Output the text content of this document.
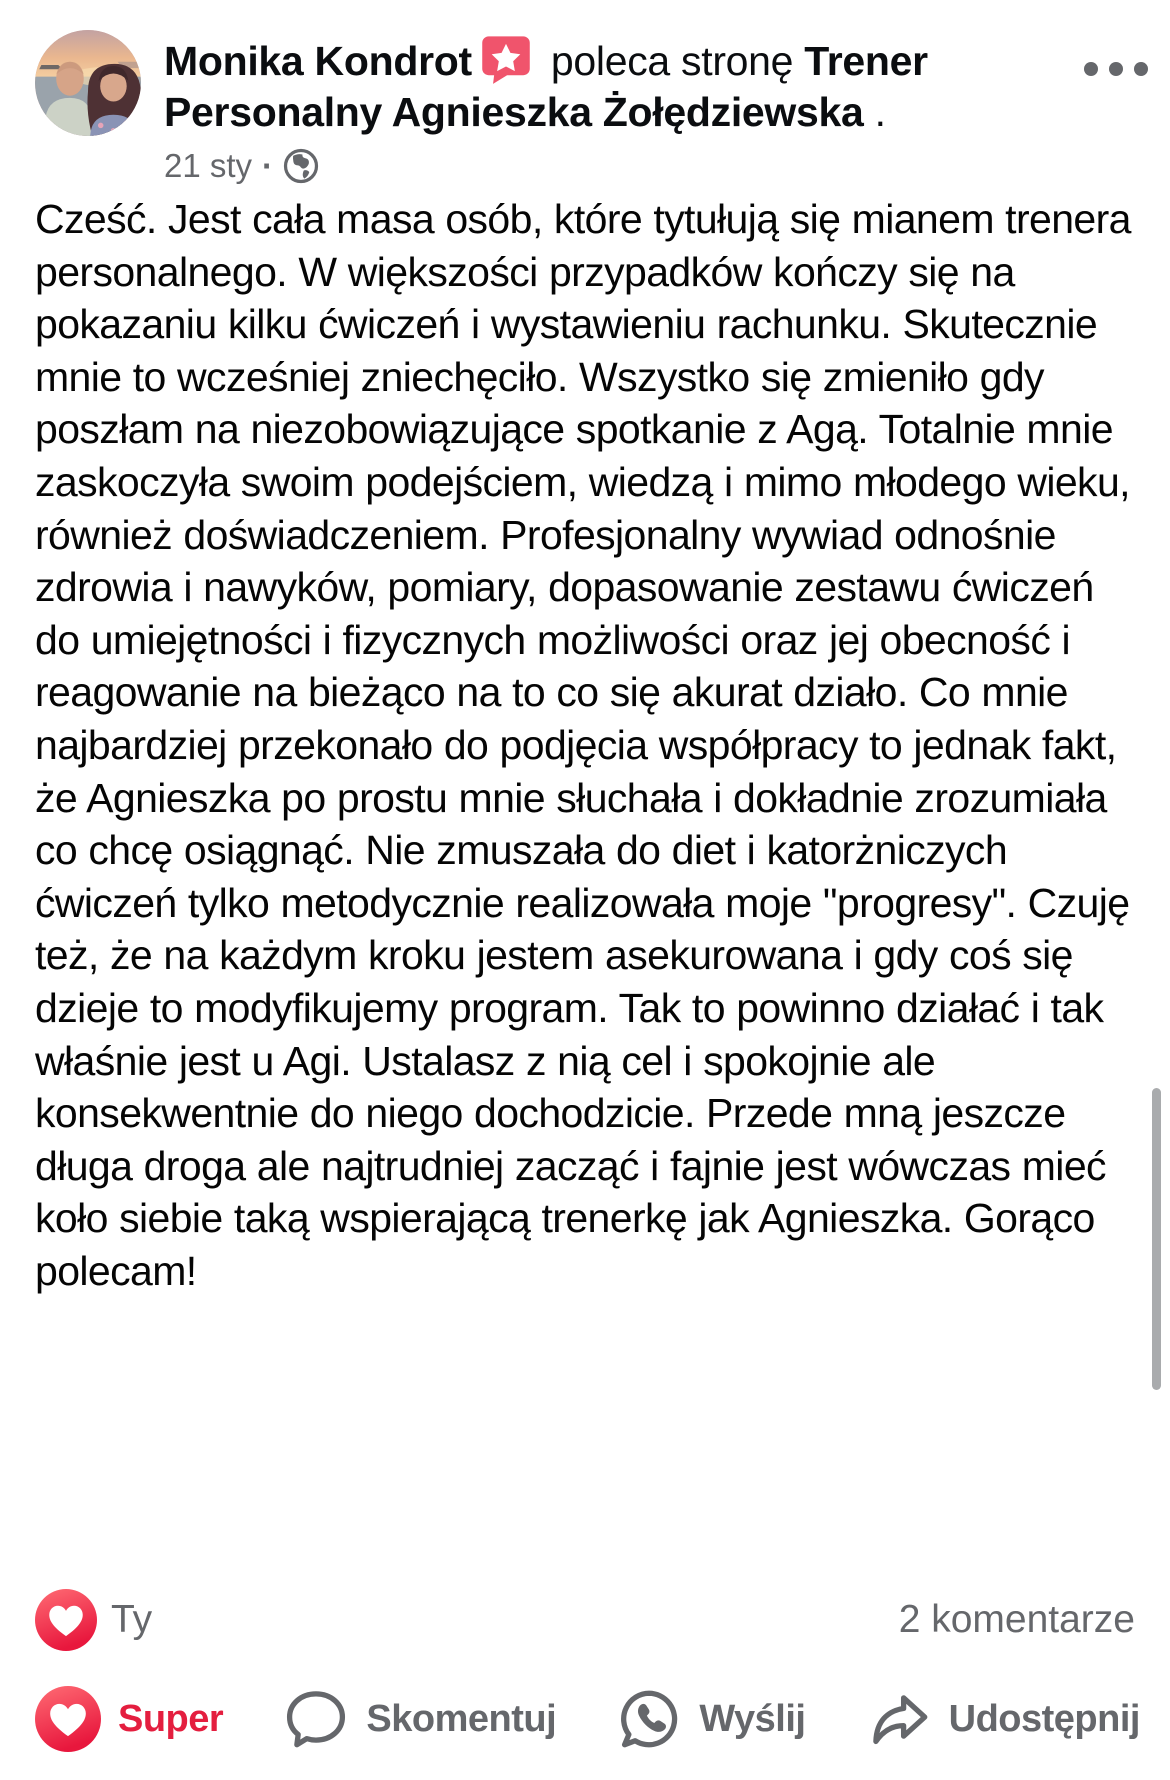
Monika Kondrot
poleca stronę Trener Personalny Agnieszka Żołędziewska .
21 sty ·
Cześć. Jest cała masa osób, które tytułują się mianem trenera personalnego. W większości przypadków kończy się na pokazaniu kilku ćwiczeń i wystawieniu rachunku. Skutecznie mnie to wcześniej zniechęciło. Wszystko się zmieniło gdy poszłam na niezobowiązujące spotkanie z Agą. Totalnie mnie zaskoczyła swoim podejściem, wiedzą i mimo młodego wieku, również doświadczeniem. Profesjonalny wywiad odnośnie zdrowia i nawyków, pomiary, dopasowanie zestawu ćwiczeń do umiejętności i fizycznych możliwości oraz jej obecność i reagowanie na bieżąco na to co się akurat działo. Co mnie najbardziej przekonało do podjęcia współpracy to jednak fakt, że Agnieszka po prostu mnie słuchała i dokładnie zrozumiała co chcę osiągnąć. Nie zmuszała do diet i katorżniczych ćwiczeń tylko metodycznie realizowała moje "progresy". Czuję też, że na każdym kroku jestem asekurowana i gdy coś się dzieje to modyfikujemy program. Tak to powinno działać i tak właśnie jest u Agi. Ustalasz z nią cel i spokojnie ale konsekwentnie do niego dochodzicie. Przede mną jeszcze długa droga ale najtrudniej zacząć i fajnie jest wówczas mieć koło siebie taką wspierającą trenerkę jak Agnieszka. Gorąco polecam!
Ty	2 komentarze
Super	Skomentuj	Wyślij	Udostępnij
